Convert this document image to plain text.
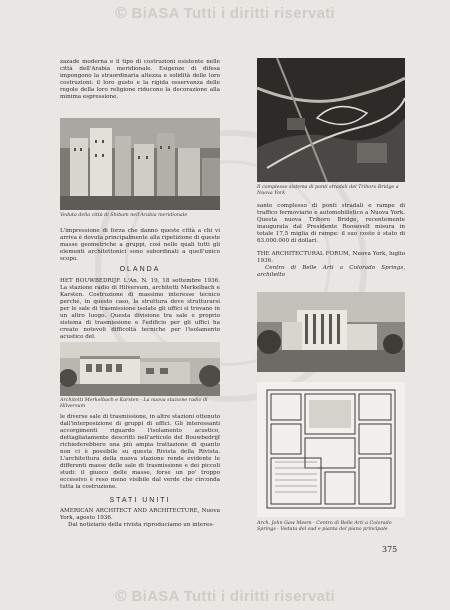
© BiASA Tutti i diritti riservati

zazade moderna e il tipo di costruzioni esistente nelle città dell'Arabia meridionale. Esigenze di difesa impongono la straordinaria altezza e solidità delle loro costruzioni: il loro gusto e la rigida osservanza delle regole della loro religione riducono la decorazione alla minima espressione.

Veduta della città di Shibam nell'Arabia meridionale

L'impressione di forza che danno queste città a chi vi arriva è dovuta principalmente alla ripetizione di queste masse geometriche a gruppi, così nelle quali tutti gli elementi architettonici sono subordinati a quell'unico scopo.

OLANDA

HET BOUWBEDRIJF. L'An. N. 19, 18 settembre 1936. La stazione radio di Hilversum, architetti Merkelbach e Karsten. Costruzione di massimo interesse tecnico perché, in questo caso, la struttura deve strutturarsi per le sale di trasmissione isolate gli uffici si trovano in un altro luogo. Questa divisione tra sale e proprio sistema di trasmissione e l'edificio per gli uffici ha creato notevoli difficoltà tecniche per l'isolamento acustico del.

Architetti Merkelbach e Karsten - La nuova stazione radio di Hilversum

le diverse sale di trasmissione, in altre stazioni ottenuto dall'interposizione di gruppi di uffici. Gli interessanti accorgimenti riguardo l'isolamento acustico, dettagliatamente descritti nell'articolo del Bouwbedrijf richiederebbero una più ampia trattazione di quanto non ci è possibile su questa Rivista della Rivista. L'architettura della nuova stazione rende evidente le differenti masse delle sale di trasmissione e dei piccoli studi: il giuoco delle masse, forse un po' troppo eccessivo è reso meno visibile dal verde che circonda tutta la costruzione.

STATI UNITI

AMERICAN ARCHITECT AND ARCHITECTURE, Nuova York, agosto 1936.

Dal notiziario della rivista riproduciamo un interes-

Il complesso sistema di ponti stradali del Triboro Bridge a Nuova York

sante complesso di ponti stradali e rampe di traffico fermoviario e automobilistico a Nuova York. Questa nuova Triboro Bridge, recentemente inaugurata dal Presidente Roosevelt misura in totale 17,5 miglia di rampe: il suo costo è stato di 63.000.000 di dollari.

THE ARCHITECTURAL FORUM, Nuova York, luglio 1936.

Centro di Belle Arti a Colorado Springs, architetto

Arch. John Gaw Meem - Centro di Belle Arti a Colorado Springs - Veduta del sud e pianta del piano principale
375
© BiASA Tutti i diritti riservati
